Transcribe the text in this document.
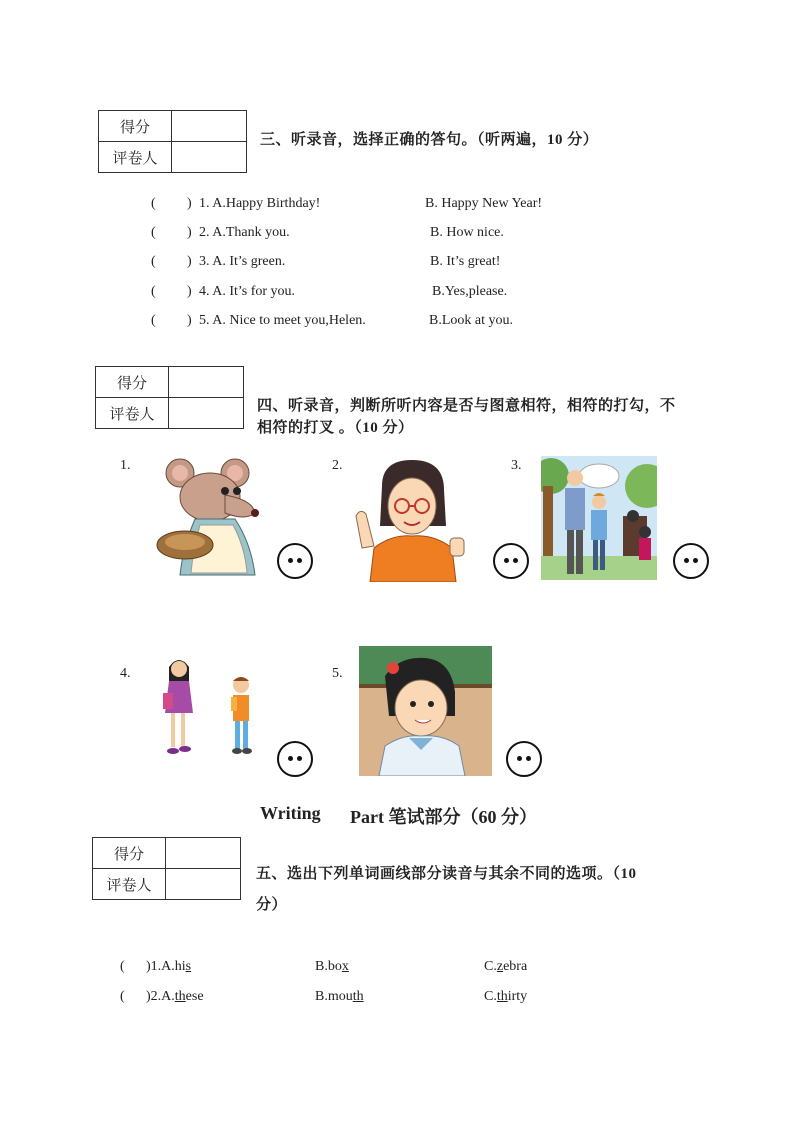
得分	
评卷人	
三、听录音，选择正确的答句。（听两遍，10 分）
( ) 1. A.Happy Birthday!	B. Happy New Year!
( ) 2. A.Thank you.	B. How nice.
( ) 3. A. It’s green.	B. It’s great!
( ) 4. A. It’s for you.	B.Yes,please.
( ) 5. A. Nice to meet you,Helen.	B.Look at you.
得分	
评卷人	
四、听录音，判断所听内容是否与图意相符，相符的打勾，不
相符的打叉 。（10 分）
1.	2.	3.
4.	5.
Writing Part 笔试部分（60 分）
得分	
评卷人	
五、选出下列单词画线部分读音与其余不同的选项。（10
分）
( )1.A.his	B.box	C.zebra
( )2.A.these	B.mouth	C.thirty
